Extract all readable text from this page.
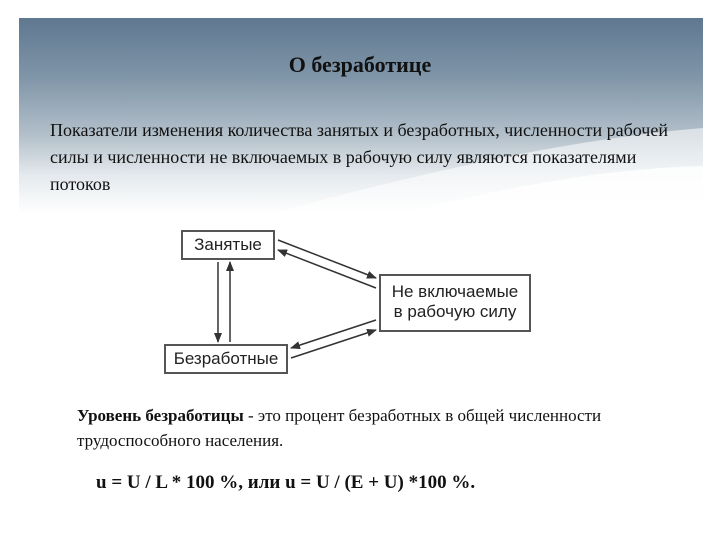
О безработице
Показатели изменения количества занятых и безработных, численности рабочей силы и численности не включаемых в рабочую силу являются показателями потоков
Занятые
Безработные
Не включаемые
в рабочую силу
Уровень безработицы - это процент безработных в общей численности трудоспособного населения.
u = U / L * 100 %, или u = U / (E + U) *100 %.
